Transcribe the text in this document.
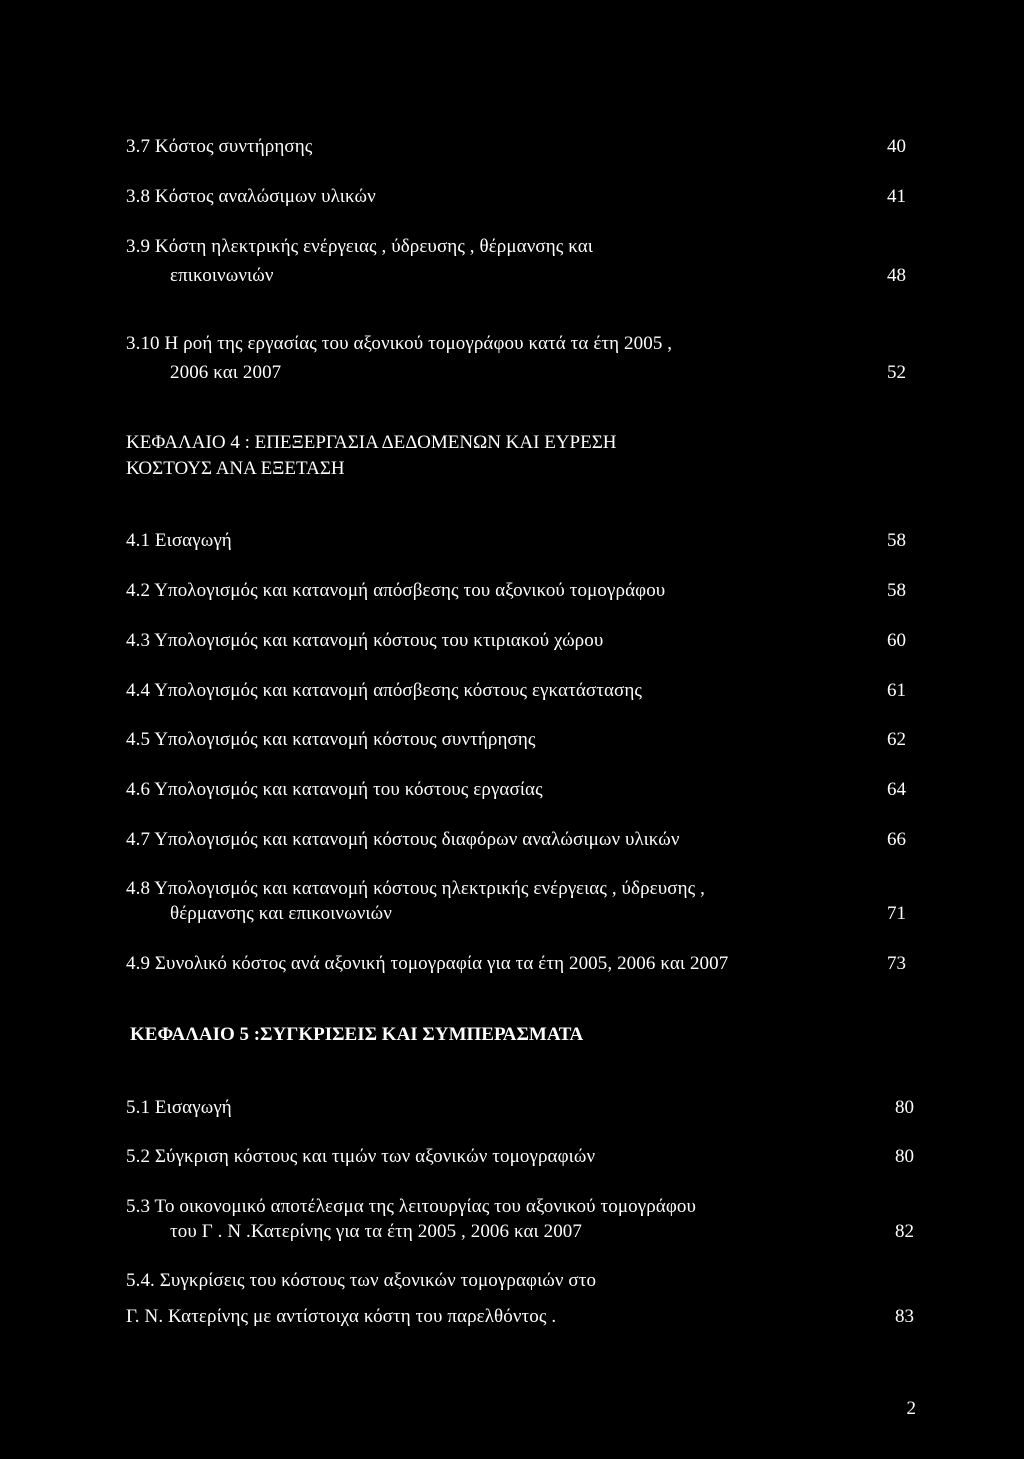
3.7 Κόστος συντήρησης	40
3.8 Κόστος αναλώσιμων υλικών	41
3.9 Κόστη ηλεκτρικής ενέργειας , ύδρευσης , θέρμανσης και
επικοινωνιών	48
3.10 Η ροή της εργασίας του αξονικού τομογράφου κατά τα έτη 2005 ,
2006 και 2007	52
ΚΕΦΑΛΑΙΟ 4 : ΕΠΕΞΕΡΓΑΣΙΑ ΔΕΔΟΜΕΝΩΝ ΚΑΙ ΕΥΡΕΣΗ
ΚΟΣΤΟΥΣ ΑΝΑ ΕΞΕΤΑΣΗ
4.1 Εισαγωγή	58
4.2 Υπολογισμός και κατανομή απόσβεσης του αξονικού τομογράφου	58
4.3 Υπολογισμός και κατανομή κόστους του κτιριακού χώρου	60
4.4 Υπολογισμός και κατανομή απόσβεσης κόστους εγκατάστασης	61
4.5 Υπολογισμός και κατανομή κόστους συντήρησης	62
4.6 Υπολογισμός και κατανομή του κόστους εργασίας	64
4.7 Υπολογισμός και κατανομή κόστους διαφόρων αναλώσιμων υλικών	66
4.8 Υπολογισμός και κατανομή κόστους ηλεκτρικής ενέργειας , ύδρευσης ,
θέρμανσης και επικοινωνιών	71
4.9 Συνολικό κόστος ανά αξονική τομογραφία για τα έτη 2005, 2006 και 2007	73
ΚΕΦΑΛΑΙΟ 5 :ΣΥΓΚΡΙΣΕΙΣ ΚΑΙ ΣΥΜΠΕΡΑΣΜΑΤΑ
5.1 Εισαγωγή	80
5.2 Σύγκριση κόστους και τιμών των αξονικών τομογραφιών	80
5.3 Το οικονομικό αποτέλεσμα της λειτουργίας του αξονικού τομογράφου
του Γ . Ν .Κατερίνης για τα έτη 2005 , 2006 και 2007	82
5.4. Συγκρίσεις του κόστους των αξονικών τομογραφιών στο
Γ. Ν. Κατερίνης με αντίστοιχα κόστη του παρελθόντος .	83
2
